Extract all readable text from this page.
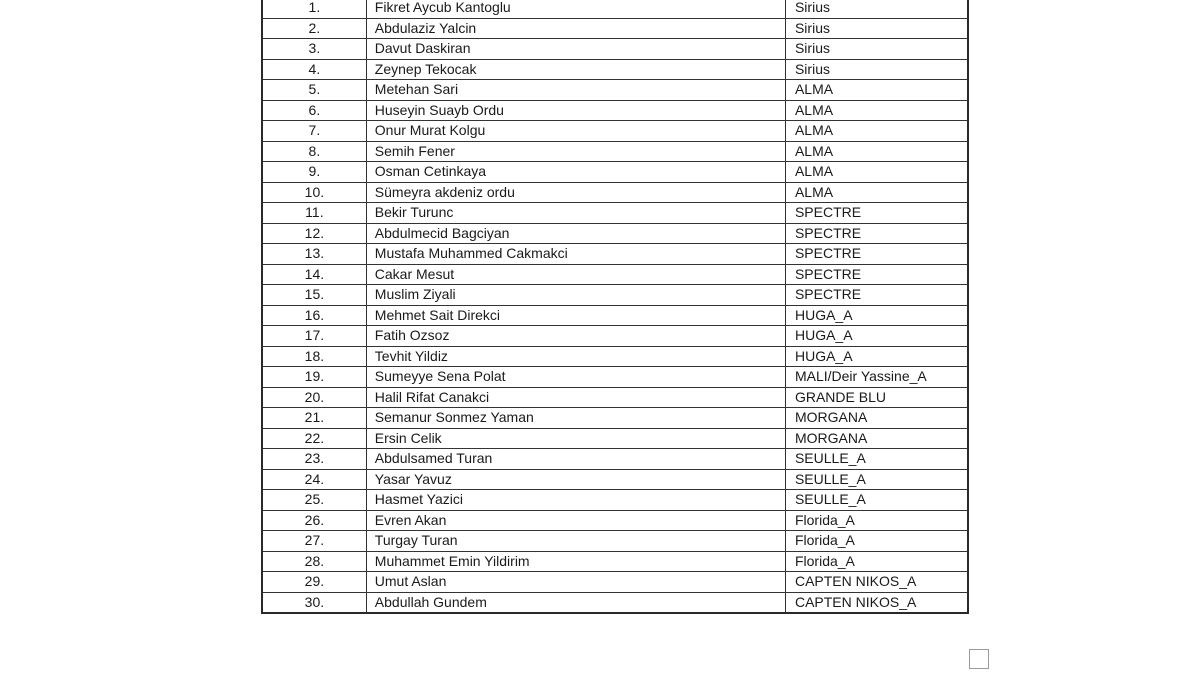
1.	Fikret Aycub Kantoglu	Sirius
2.	Abdulaziz Yalcin	Sirius
3.	Davut Daskiran	Sirius
4.	Zeynep Tekocak	Sirius
5.	Metehan Sari	ALMA
6.	Huseyin Suayb Ordu	ALMA
7.	Onur Murat Kolgu	ALMA
8.	Semih Fener	ALMA
9.	Osman Cetinkaya	ALMA
10.	Sümeyra akdeniz ordu	ALMA
11.	Bekir Turunc	SPECTRE
12.	Abdulmecid Bagciyan	SPECTRE
13.	Mustafa Muhammed Cakmakci	SPECTRE
14.	Cakar Mesut	SPECTRE
15.	Muslim Ziyali	SPECTRE
16.	Mehmet Sait Direkci	HUGA_A
17.	Fatih Ozsoz	HUGA_A
18.	Tevhit Yildiz	HUGA_A
19.	Sumeyye Sena Polat	MALI/Deir Yassine_A
20.	Halil Rifat Canakci	GRANDE BLU
21.	Semanur Sonmez Yaman	MORGANA
22.	Ersin Celik	MORGANA
23.	Abdulsamed Turan	SEULLE_A
24.	Yasar Yavuz	SEULLE_A
25.	Hasmet Yazici	SEULLE_A
26.	Evren Akan	Florida_A
27.	Turgay Turan	Florida_A
28.	Muhammet Emin Yildirim	Florida_A
29.	Umut Aslan	CAPTEN NIKOS_A
30.	Abdullah Gundem	CAPTEN NIKOS_A
